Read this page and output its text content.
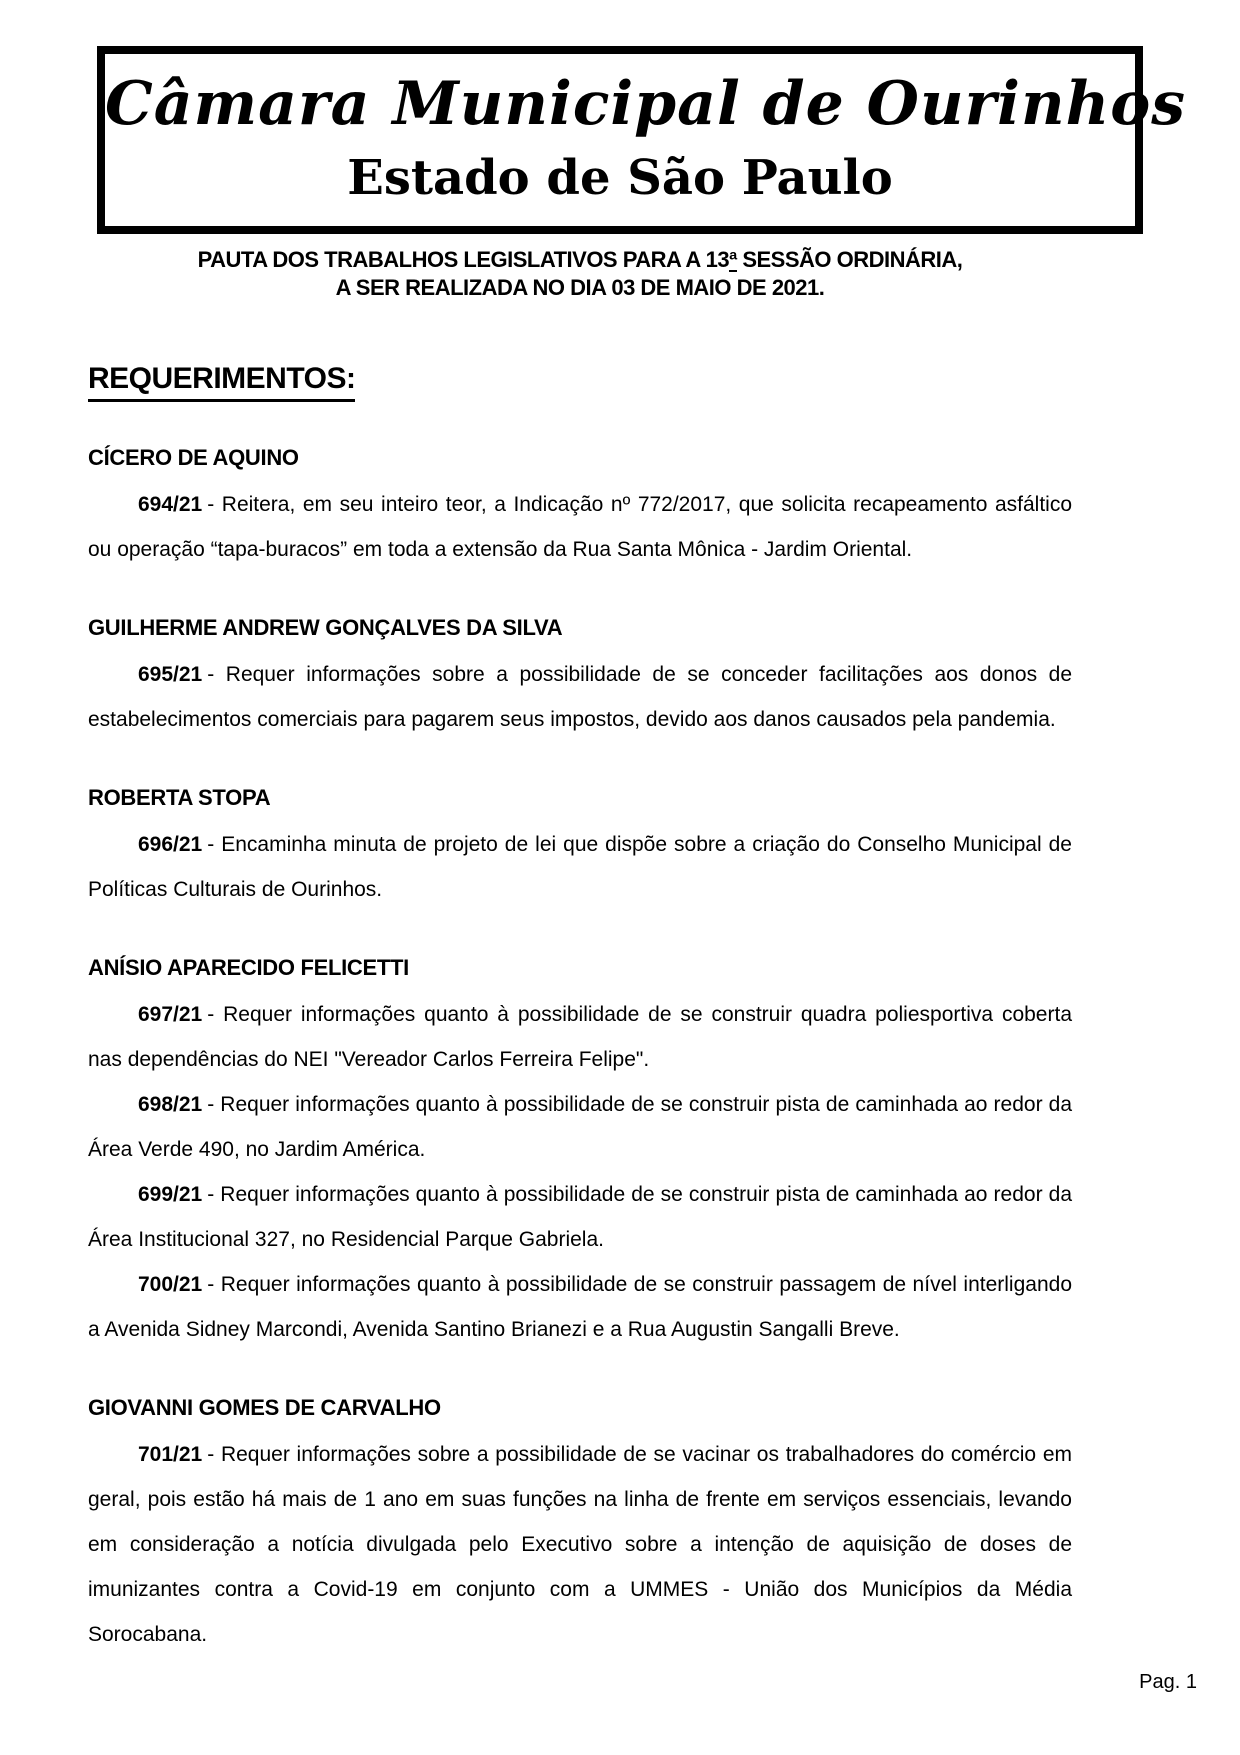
Câmara Municipal de Ourinhos
Estado de São Paulo
PAUTA DOS TRABALHOS LEGISLATIVOS PARA A 13ª SESSÃO ORDINÁRIA,
A SER REALIZADA NO DIA 03 DE MAIO DE 2021.
REQUERIMENTOS:
CÍCERO DE AQUINO

694/21 - Reitera, em seu inteiro teor, a Indicação nº 772/2017, que solicita recapeamento asfáltico ou operação “tapa-buracos” em toda a extensão da Rua Santa Mônica - Jardim Oriental.

GUILHERME ANDREW GONÇALVES DA SILVA

695/21 - Requer informações sobre a possibilidade de se conceder facilitações aos donos de estabelecimentos comerciais para pagarem seus impostos, devido aos danos causados pela pandemia.

ROBERTA STOPA

696/21 - Encaminha minuta de projeto de lei que dispõe sobre a criação do Conselho Municipal de Políticas Culturais de Ourinhos.

ANÍSIO APARECIDO FELICETTI

697/21 - Requer informações quanto à possibilidade de se construir quadra poliesportiva coberta nas dependências do NEI "Vereador Carlos Ferreira Felipe".

698/21 - Requer informações quanto à possibilidade de se construir pista de caminhada ao redor da Área Verde 490, no Jardim América.

699/21 - Requer informações quanto à possibilidade de se construir pista de caminhada ao redor da Área Institucional 327, no Residencial Parque Gabriela.

700/21 - Requer informações quanto à possibilidade de se construir passagem de nível interligando a Avenida Sidney Marcondi, Avenida Santino Brianezi e a Rua Augustin Sangalli Breve.

GIOVANNI GOMES DE CARVALHO

701/21 - Requer informações sobre a possibilidade de se vacinar os trabalhadores do comércio em geral, pois estão há mais de 1 ano em suas funções na linha de frente em serviços essenciais, levando em consideração a notícia divulgada pelo Executivo sobre a intenção de aquisição de doses de imunizantes contra a Covid-19 em conjunto com a UMMES - União dos Municípios da Média Sorocabana.

Pag. 1
